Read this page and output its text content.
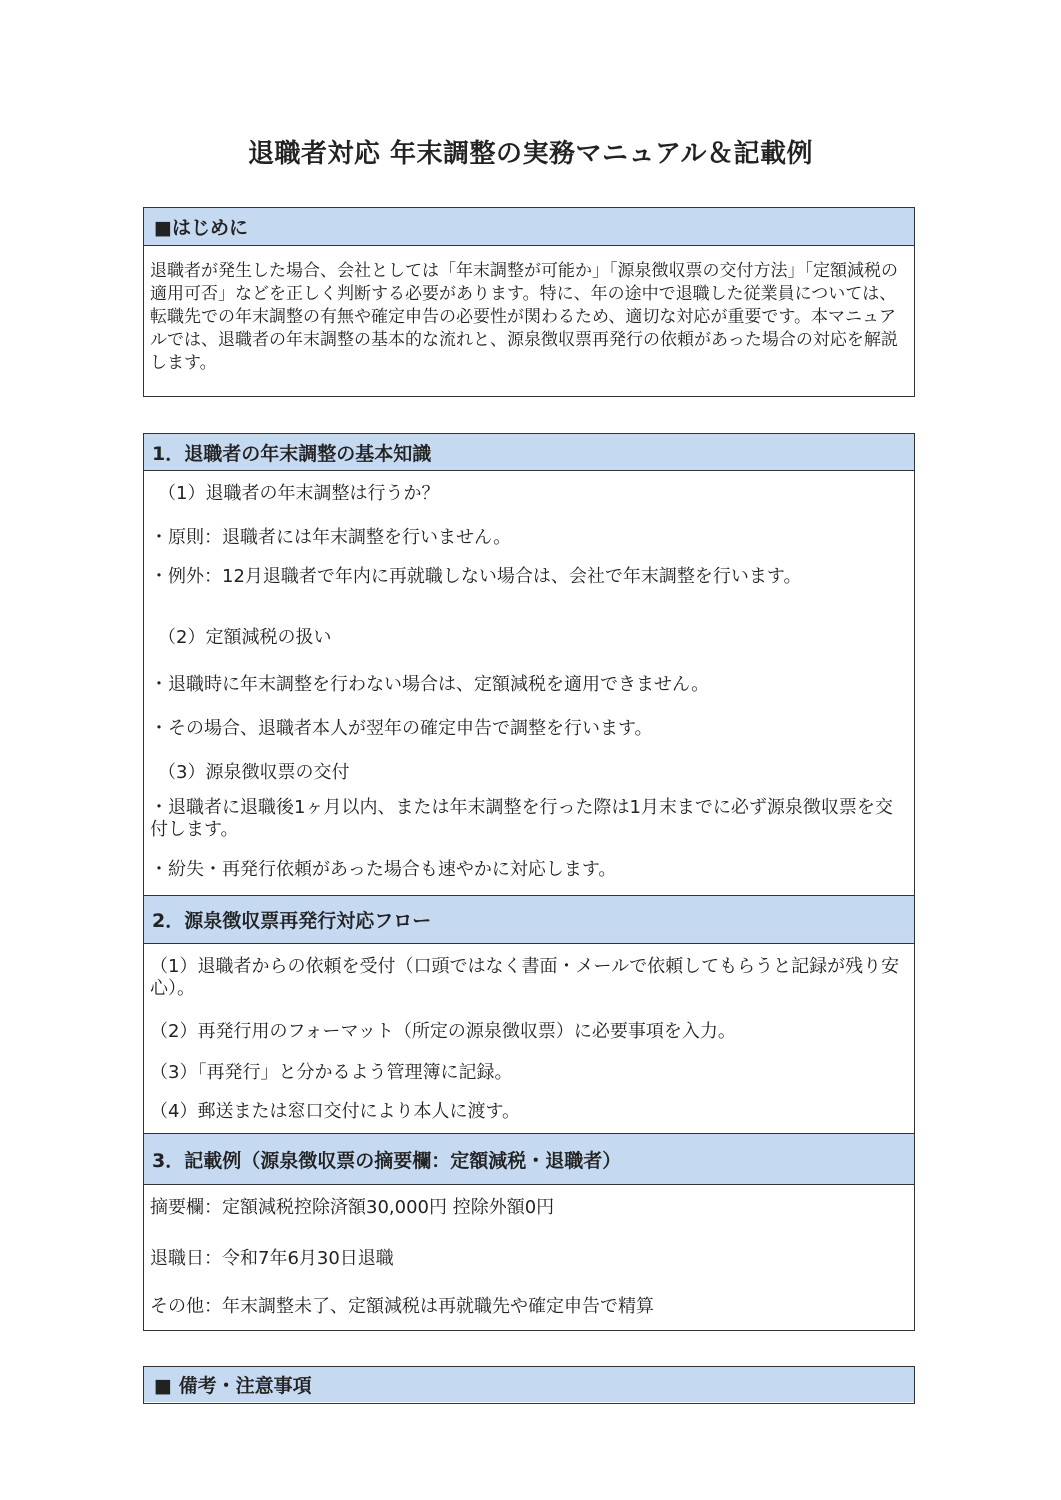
退職者対応 年末調整の実務マニュアル＆記載例
■はじめに
退職者が発生した場合、会社としては「年末調整が可能か」「源泉徴収票の交付方法」「定額減税の適用可否」などを正しく判断する必要があります。特に、年の途中で退職した従業員については、転職先での年末調整の有無や確定申告の必要性が関わるため、適切な対応が重要です。本マニュアルでは、退職者の年末調整の基本的な流れと、源泉徴収票再発行の依頼があった場合の対応を解説します。
1．退職者の年末調整の基本知識
（1）退職者の年末調整は行うか？
・原則：退職者には年末調整を行いません。
・例外：12月退職者で年内に再就職しない場合は、会社で年末調整を行います。
（2）定額減税の扱い
・退職時に年末調整を行わない場合は、定額減税を適用できません。
・その場合、退職者本人が翌年の確定申告で調整を行います。
（3）源泉徴収票の交付
・退職者に退職後1ヶ月以内、または年末調整を行った際は1月末までに必ず源泉徴収票を交付します。
・紛失・再発行依頼があった場合も速やかに対応します。
2．源泉徴収票再発行対応フロー
（1）退職者からの依頼を受付（口頭ではなく書面・メールで依頼してもらうと記録が残り安心）。
（2）再発行用のフォーマット（所定の源泉徴収票）に必要事項を入力。
（3）「再発行」と分かるよう管理簿に記録。
（4）郵送または窓口交付により本人に渡す。
3．記載例（源泉徴収票の摘要欄：定額減税・退職者）
摘要欄：定額減税控除済額30,000円 控除外額0円
退職日：令和7年6月30日退職
その他：年末調整未了、定額減税は再就職先や確定申告で精算
■ 備考・注意事項
